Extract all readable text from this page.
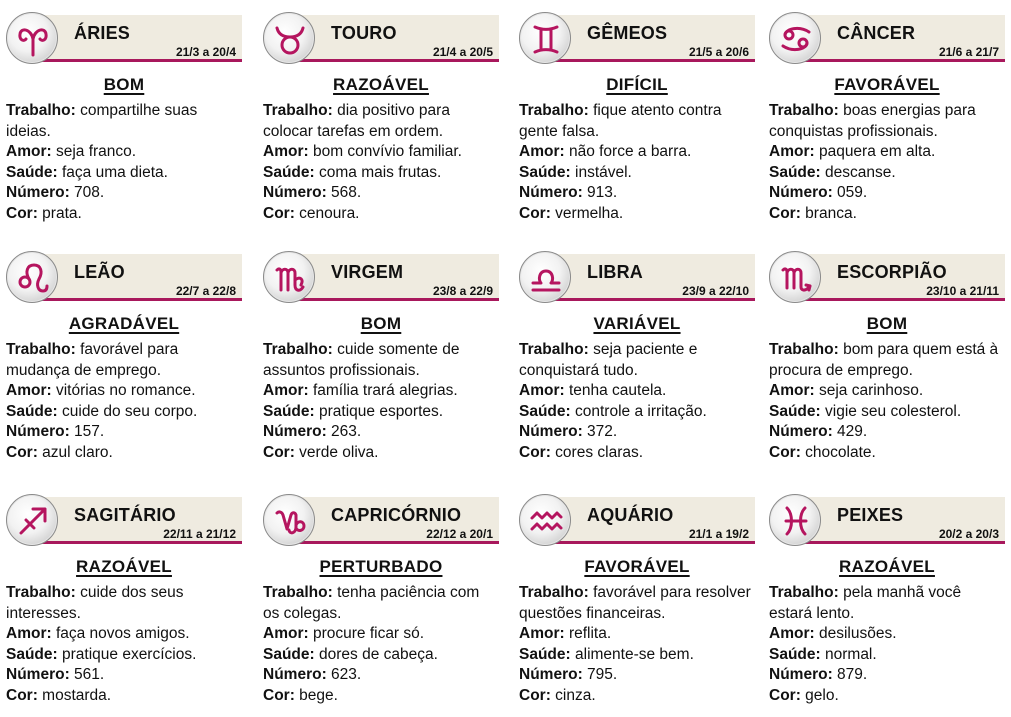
ÁRIES
21/3 a 20/4
BOM

Trabalho: compartilhe suas ideias.

Amor: seja franco.

Saúde: faça uma dieta.

Número: 708.

Cor: prata.

TOURO
21/4 a 20/5
RAZOÁVEL

Trabalho: dia positivo para colocar tarefas em ordem.

Amor: bom convívio familiar.

Saúde: coma mais frutas.

Número: 568.

Cor: cenoura.

GÊMEOS
21/5 a 20/6
DIFÍCIL

Trabalho: fique atento contra gente falsa.

Amor: não force a barra.

Saúde: instável.

Número: 913.

Cor: vermelha.

CÂNCER
21/6 a 21/7
FAVORÁVEL

Trabalho: boas energias para conquistas profissionais.

Amor: paquera em alta.

Saúde: descanse.

Número: 059.

Cor: branca.

LEÃO
22/7 a 22/8
AGRADÁVEL

Trabalho: favorável para mudança de emprego.

Amor: vitórias no romance.

Saúde: cuide do seu corpo.

Número: 157.

Cor: azul claro.

VIRGEM
23/8 a 22/9
BOM

Trabalho: cuide somente de assuntos profissionais.

Amor: família trará alegrias.

Saúde: pratique esportes.

Número: 263.

Cor: verde oliva.

LIBRA
23/9 a 22/10
VARIÁVEL

Trabalho: seja paciente e conquistará tudo.

Amor: tenha cautela.

Saúde: controle a irritação.

Número: 372.

Cor: cores claras.

ESCORPIÃO
23/10 a 21/11
BOM

Trabalho: bom para quem está à procura de emprego.

Amor: seja carinhoso.

Saúde: vigie seu colesterol.

Número: 429.

Cor: chocolate.

SAGITÁRIO
22/11 a 21/12
RAZOÁVEL

Trabalho: cuide dos seus interesses.

Amor: faça novos amigos.

Saúde: pratique exercícios.

Número: 561.

Cor: mostarda.

CAPRICÓRNIO
22/12 a 20/1
PERTURBADO

Trabalho: tenha paciência com os colegas.

Amor: procure ficar só.

Saúde: dores de cabeça.

Número: 623.

Cor: bege.

AQUÁRIO
21/1 a 19/2
FAVORÁVEL

Trabalho: favorável para resolver questões financeiras.

Amor: reflita.

Saúde: alimente-se bem.

Número: 795.

Cor: cinza.

PEIXES
20/2 a 20/3
RAZOÁVEL

Trabalho: pela manhã você estará lento.

Amor: desilusões.

Saúde: normal.

Número: 879.

Cor: gelo.
